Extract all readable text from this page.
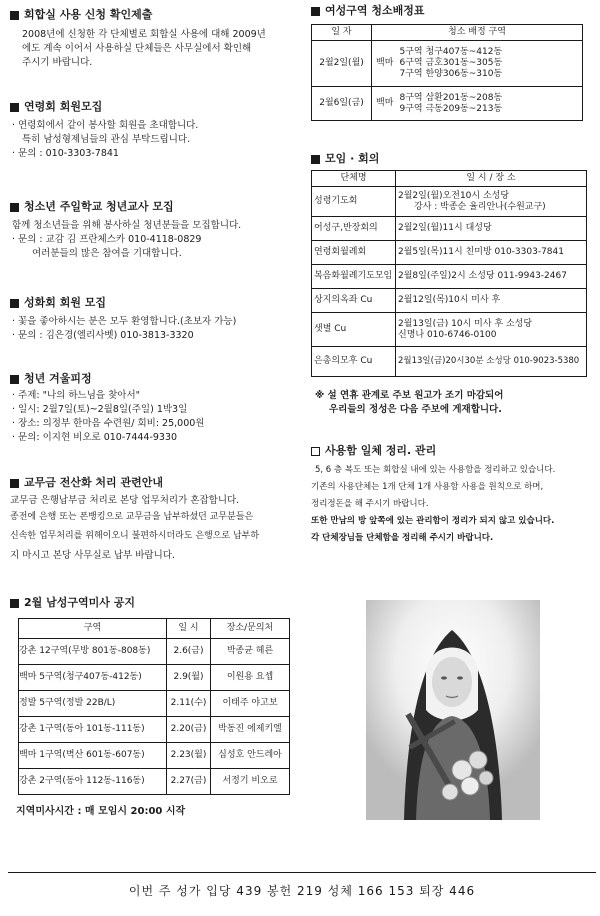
회합실 사용 신청 확인제출
2008년에 신청한 각 단체별로 회합실 사용에 대해 2009년
에도 계속 이어서 사용하실 단체들은 사무실에서 확인해
주시기 바랍니다.
연령회 회원모집
· 연령회에서 같이 봉사할 회원을 초대합니다.
특히 남성형제님들의 관심 부탁드립니다.
· 문의 : 010-3303-7841
청소년 주일학교 청년교사 모집
함께 청소년들을 위해 봉사하실 청년분들을 모집합니다.
· 문의 : 교감 김 프란체스카 010-4118-0829
여러분들의 많은 참여을 기대합니다.
성화회 회원 모집
· 꽃을 좋아하시는 분은 모두 환영합니다.(초보자 가능)
· 문의 : 김은경(엘리사벳) 010-3813-3320
청년 겨울피정
· 주제: "나의 하느님을 찾아서"
· 일시: 2월7일(토)~2월8일(주일) 1박3일
· 장소: 의정부 한마음 수련원/ 회비: 25,000원
· 문의: 이지현 비오로 010-7444-9330
교무금 전산화 처리 관련안내
교무금 은행납부금 처리로 본당 업무처리가 혼잡합니다.
종전에 은행 또는 폰뱅킹으로 교무금을 납부하셨던 교무분들은
신속한 업무처리를 위해이오니 불편하시더라도 은행으로 납부하
지 마시고 본당 사무실로 납부 바랍니다.
2월 남성구역미사 공지
구역	일 시	장소/문의처
강촌 12구역(무방 801동-808동)	2.6(금)	박종균 헤른
백마 5구역(청구407동-412동)	2.9(월)	이원용 요셉
정발 5구역(정발 22B/L)	2.11(수)	이태주 야고보
강촌 1구역(동아 101동-111동)	2.20(금)	박동진 에제키엘
백마 1구역(벽산 601동-607동)	2.23(월)	심성호 안드레아
강촌 2구역(동아 112동-116동)	2.27(금)	서정기 비오로
지역미사시간 : 매 모임시 20:00 시작
여성구역 청소배정표
일 자	청소 배정 구역	
2월2일(월)	백마	5구역 청구407동~412동
6구역 금호301동~305동
7구역 한양306동~310동

2월6일(금)	백마	8구역 삼환201동~208동
9구역 극동209동~213동
모임 · 회의
단체명	일 시 / 장 소
성령기도회	2월2일(월)오전10시 소성당
강사 : 박종순 율리안나(수원교구)

어성구,반장회의	2월2일(월)11시 대성당
연령회월례회	2월5일(목)11시 친미방 010-3303-7841
복음화월례기도모임	2월8일(주일)2시 소성당 011-9943-2467
상지의옥좌 Cu	2월12일(목)10시 미사 후
샛별 Cu	2월13일(금) 10시 미사 후 소성당
신명나 010-6746-0100

은총의모후 Cu	2월13일(금)20시30분 소성당 010-9023-5380
※ 설 연휴 관계로 주보 원고가 조기 마감되어
우리들의 정성은 다음 주보에 게재합니다.
사용함 일체 정리. 관리
5, 6 층 복도 또는 회합실 내에 있는 사용함을 정리하고 있습니다.
기존의 사용단체는 1개 단체 1개 사용함 사용을 원칙으로 하며,
정리정돈을 해 주시기 바랍니다.
또한 만남의 방 앞쪽에 있는 관리함이 정리가 되지 않고 있습니다.
각 단체장님들 단체함을 정리해 주시기 바랍니다.
이번 주 성가 입당 439 봉헌 219 성체 166 153 퇴장 446
